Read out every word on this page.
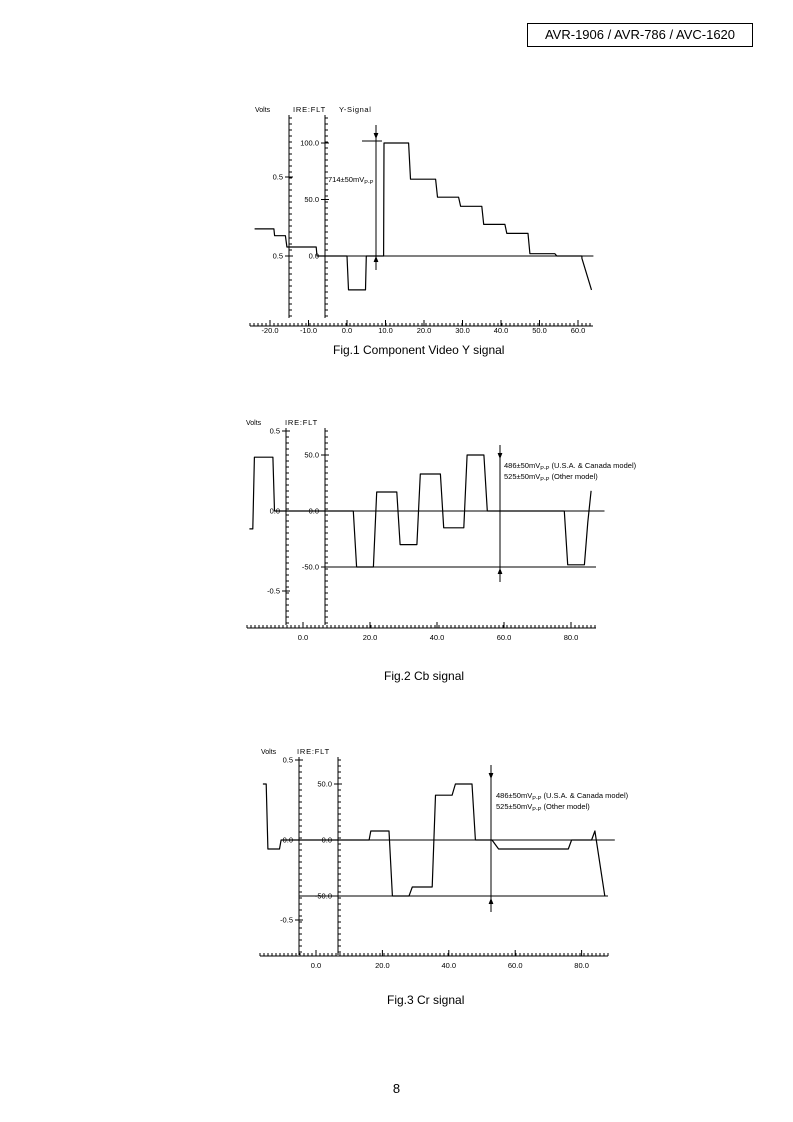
AVR-1906 / AVR-786 / AVC-1620
Volts	IRE:FLT Y-Signal
0.5
0.5
100.0
50.0
0.0
-20.0	-10.0	0.0	10.0	20.0	30.0	40.0	50.0	60.0
$714\pm 50mV_{P-P}$
Fig.1 Component Video Y signal
Volts	IRE:FLT
0.5
0.0
-0.5
50.0
0.0
-50.0
0.0	20.0	40.0	60.0	80.0
$486\pm 50mV_{P-P}$ (U.S.A. & Canada model)
$525\pm 50mV_{P-P}$ (Other model)
Fig.2 Cb signal
Volts	IRE:FLT
0.5
0.0
-0.5
50.0
0.0
-50.0
0.0	20.0	40.0	60.0	80.0
$486\pm 50mV_{P-P}$ (U.S.A. & Canada model)
$525\pm 50mV_{P-P}$ (Other model)
Fig.3 Cr signal
8
